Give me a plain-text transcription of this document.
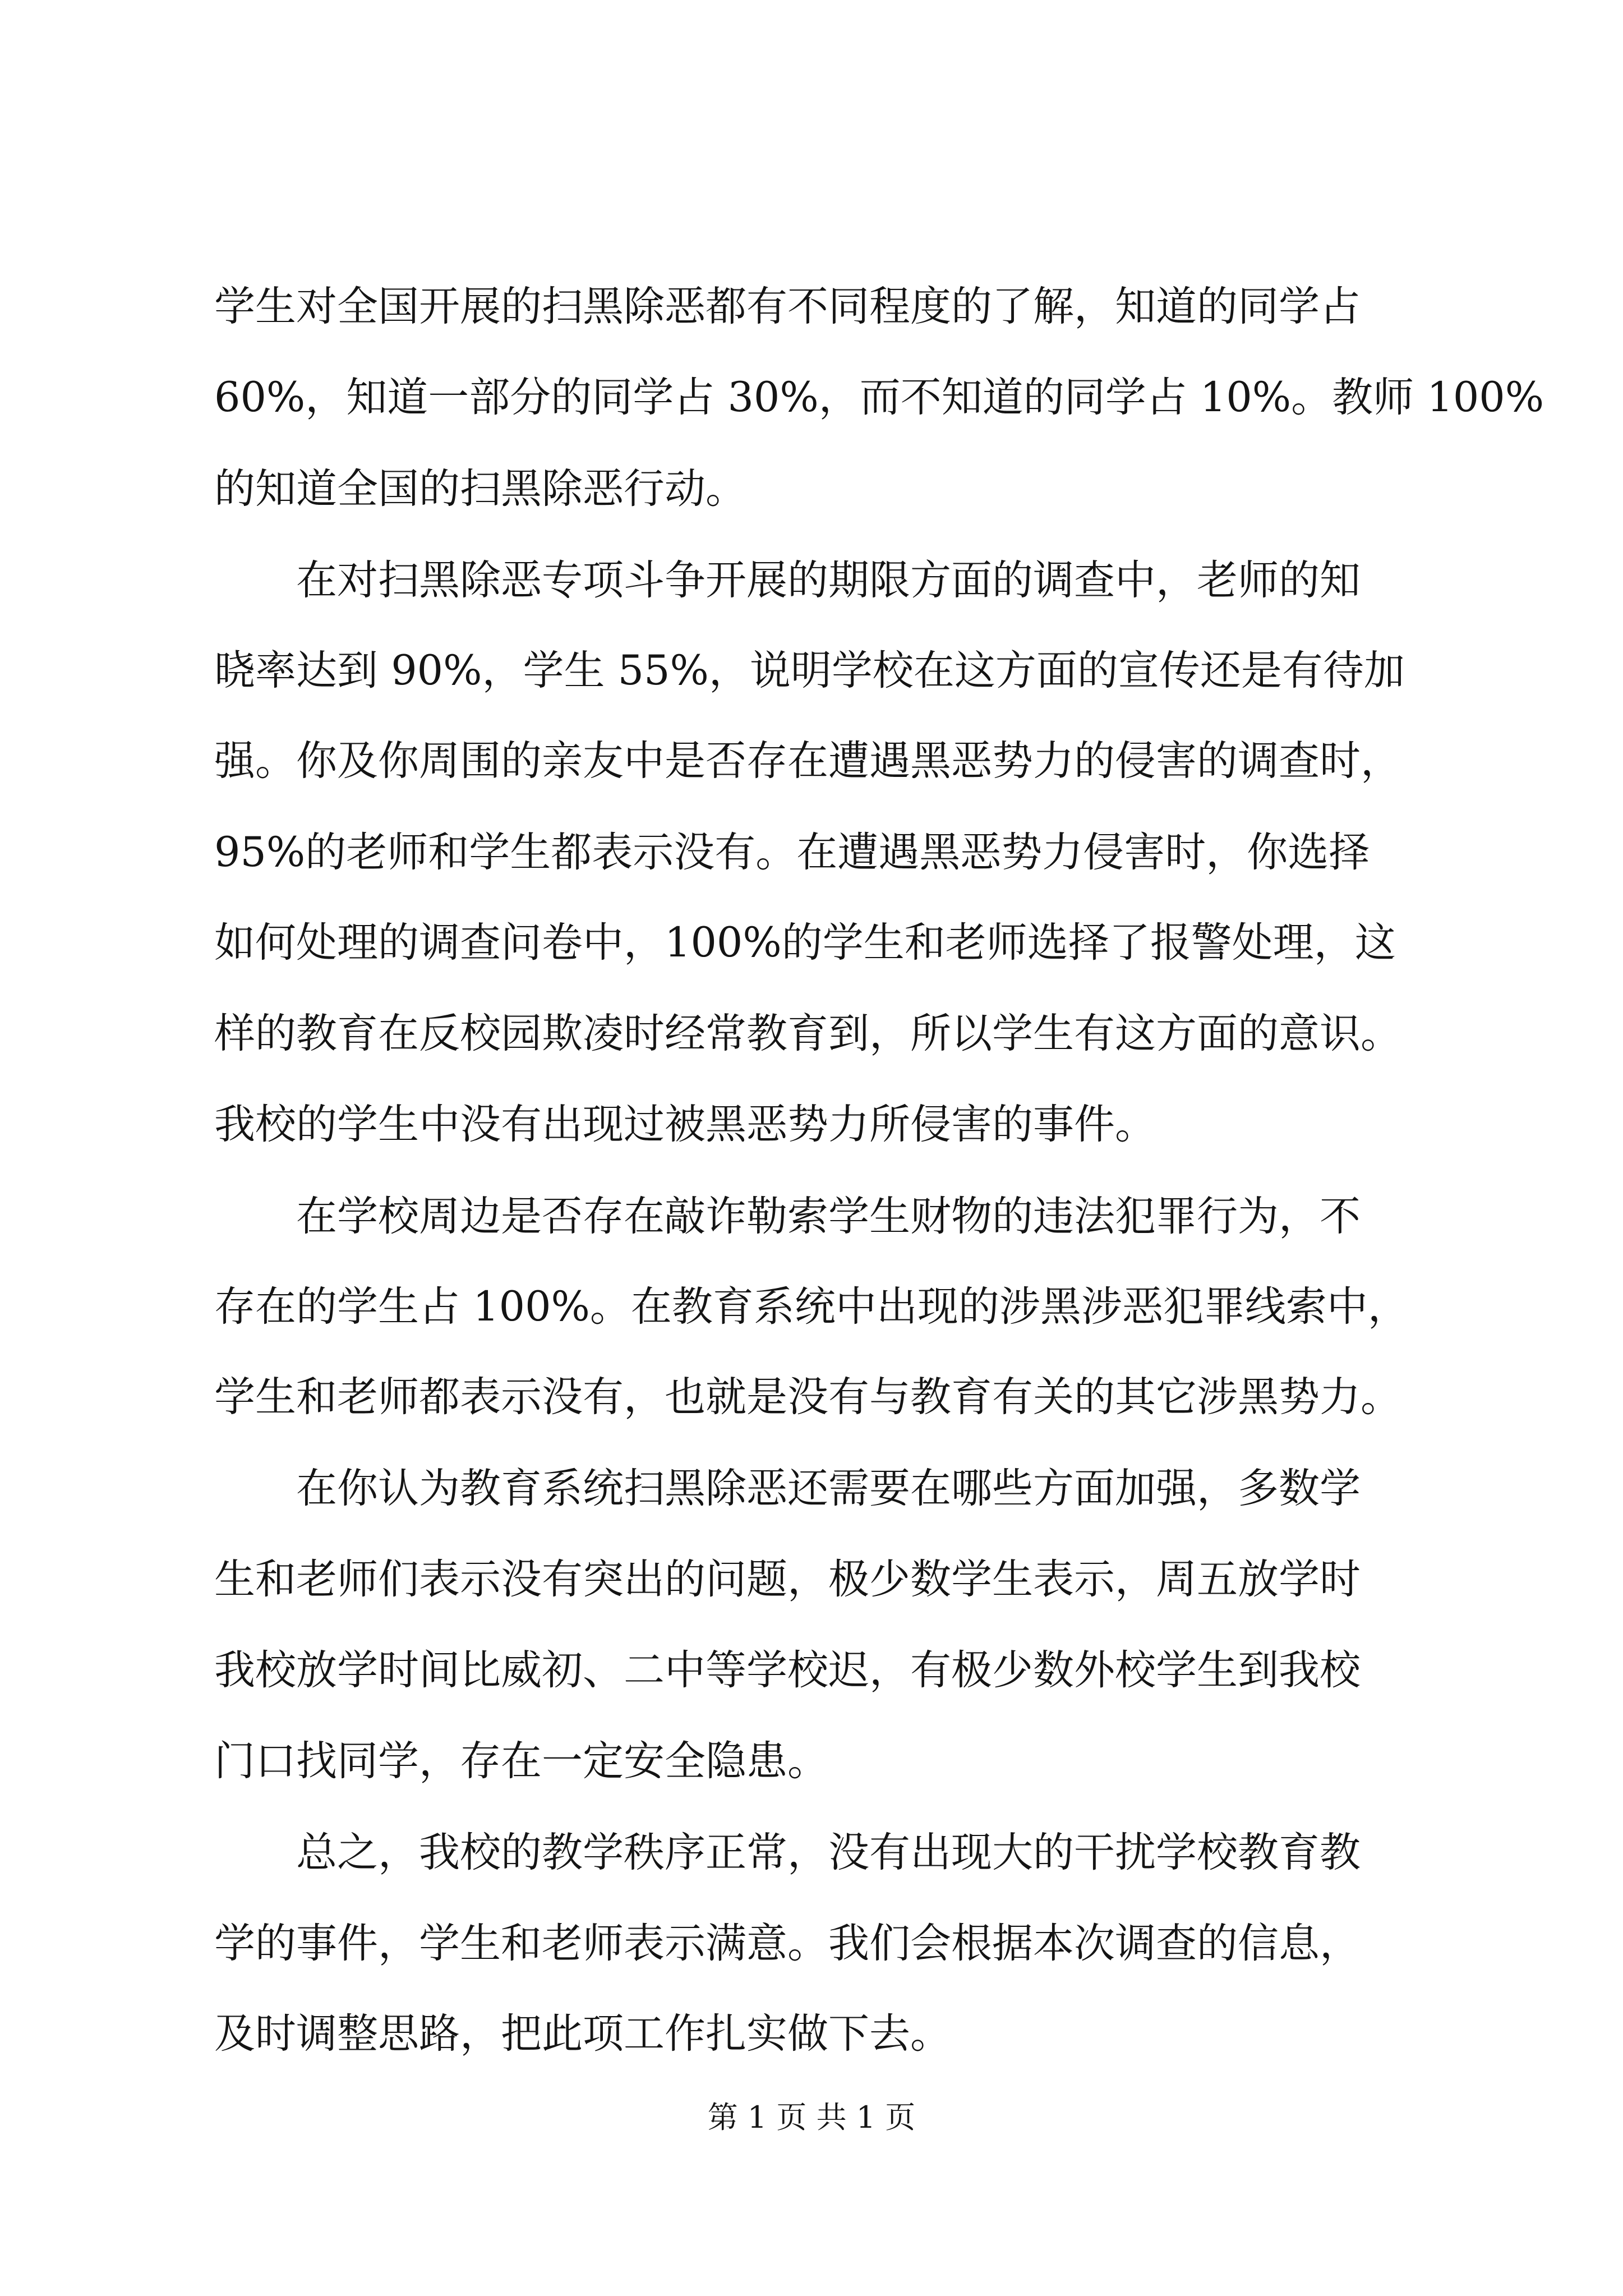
学生对全国开展的扫黑除恶都有不同程度的了解，知道的同学占
60%，知道一部分的同学占 30%，而不知道的同学占 10%。教师 100%
的知道全国的扫黑除恶行动。
　　在对扫黑除恶专项斗争开展的期限方面的调查中，老师的知
晓率达到 90%，学生 55%，说明学校在这方面的宣传还是有待加
强。你及你周围的亲友中是否存在遭遇黑恶势力的侵害的调查时，
95%的老师和学生都表示没有。在遭遇黑恶势力侵害时，你选择
如何处理的调查问卷中，100%的学生和老师选择了报警处理，这
样的教育在反校园欺凌时经常教育到，所以学生有这方面的意识。
我校的学生中没有出现过被黑恶势力所侵害的事件。
　　在学校周边是否存在敲诈勒索学生财物的违法犯罪行为，不
存在的学生占 100%。在教育系统中出现的涉黑涉恶犯罪线索中，
学生和老师都表示没有，也就是没有与教育有关的其它涉黑势力。
　　在你认为教育系统扫黑除恶还需要在哪些方面加强，多数学
生和老师们表示没有突出的问题，极少数学生表示，周五放学时
我校放学时间比威初、二中等学校迟，有极少数外校学生到我校
门口找同学，存在一定安全隐患。
　　总之，我校的教学秩序正常，没有出现大的干扰学校教育教
学的事件，学生和老师表示满意。我们会根据本次调查的信息，
及时调整思路，把此项工作扎实做下去。
第 1 页 共 1 页
